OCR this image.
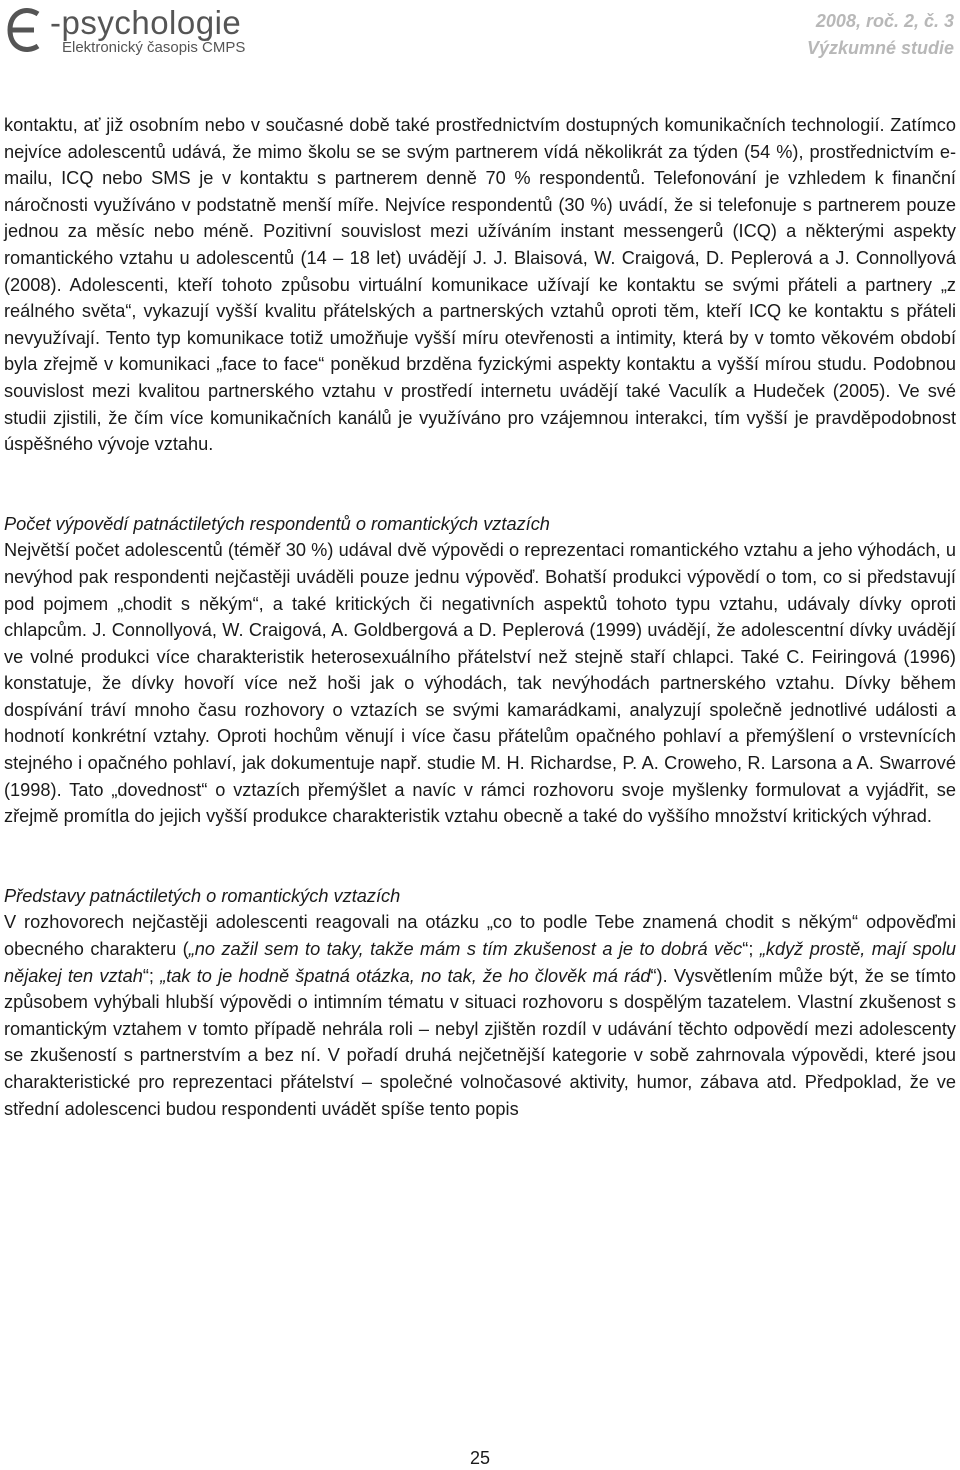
-psychologie
Elektronický časopis ČMPS
2008, roč. 2, č. 3
Výzkumné studie

kontaktu, ať již osobním nebo v současné době také prostřednictvím dostupných komunikačních technologií. Zatímco nejvíce adolescentů udává, že mimo školu se se svým partnerem vídá několikrát za týden (54 %), prostřednictvím e-mailu, ICQ nebo SMS je v kontaktu s partnerem denně 70 % respondentů. Telefonování je vzhledem k finanční náročnosti využíváno v podstatně menší míře. Nejvíce respondentů (30 %) uvádí, že si telefonuje s partnerem pouze jednou za měsíc nebo méně. Pozitivní souvislost mezi užíváním instant messengerů (ICQ) a některými aspekty romantického vztahu u adolescentů (14 – 18 let) uvádějí J. J. Blaisová, W. Craigová, D. Peplerová a J. Connollyová (2008). Adolescenti, kteří tohoto způsobu virtuální komunikace užívají ke kontaktu se svými přáteli a partnery „z reálného světa“, vykazují vyšší kvalitu přátelských a partnerských vztahů oproti těm, kteří ICQ ke kontaktu s přáteli nevyužívají. Tento typ komunikace totiž umožňuje vyšší míru otevřenosti a intimity, která by v tomto věkovém období byla zřejmě v komunikaci „face to face“ poněkud brzděna fyzickými aspekty kontaktu a vyšší mírou studu. Podobnou souvislost mezi kvalitou partnerského vztahu v prostředí internetu uvádějí také Vaculík a Hudeček (2005). Ve své studii zjistili, že čím více komunikačních kanálů je využíváno pro vzájemnou interakci, tím vyšší je pravděpodobnost úspěšného vývoje vztahu.

Počet výpovědí patnáctiletých respondentů o romantických vztazích

Největší počet adolescentů (téměř 30 %) udával dvě výpovědi o reprezentaci romantického vztahu a jeho výhodách, u nevýhod pak respondenti nejčastěji uváděli pouze jednu výpověď. Bohatší produkci výpovědí o tom, co si představují pod pojmem „chodit s někým“, a také kritických či negativních aspektů tohoto typu vztahu, udávaly dívky oproti chlapcům. J. Connollyová, W. Craigová, A. Goldbergová a D. Peplerová (1999) uvádějí, že adolescentní dívky uvádějí ve volné produkci více charakteristik heterosexuálního přátelství než stejně staří chlapci. Také C. Feiringová (1996) konstatuje, že dívky hovoří více než hoši jak o výhodách, tak nevýhodách partnerského vztahu. Dívky během dospívání tráví mnoho času rozhovory o vztazích se svými kamarádkami, analyzují společně jednotlivé události a hodnotí konkrétní vztahy. Oproti hochům věnují i více času přátelům opačného pohlaví a přemýšlení o vrstevnících stejného i opačného pohlaví, jak dokumentuje např. studie M. H. Richardse, P. A. Croweho, R. Larsona a A. Swarrové (1998). Tato „dovednost“ o vztazích přemýšlet a navíc v rámci rozhovoru svoje myšlenky formulovat a vyjádřit, se zřejmě promítla do jejich vyšší produkce charakteristik vztahu obecně a také do vyššího množství kritických výhrad.

Představy patnáctiletých o romantických vztazích

V rozhovorech nejčastěji adolescenti reagovali na otázku „co to podle Tebe znamená chodit s někým“ odpověďmi obecného charakteru („no zažil sem to taky, takže mám s tím zkušenost a je to dobrá věc“; „když prostě, mají spolu nějakej ten vztah“; „tak to je hodně špatná otázka, no tak, že ho člověk má rád“). Vysvětlením může být, že se tímto způsobem vyhýbali hlubší výpovědi o intimním tématu v situaci rozhovoru s dospělým tazatelem. Vlastní zkušenost s romantickým vztahem v tomto případě nehrála roli – nebyl zjištěn rozdíl v udávání těchto odpovědí mezi adolescenty se zkušeností s partnerstvím a bez ní. V pořadí druhá nejčetnější kategorie v sobě zahrnovala výpovědi, které jsou charakteristické pro reprezentaci přátelství – společné volnočasové aktivity, humor, zábava atd. Předpoklad, že ve střední adolescenci budou respondenti uvádět spíše tento popis

25
